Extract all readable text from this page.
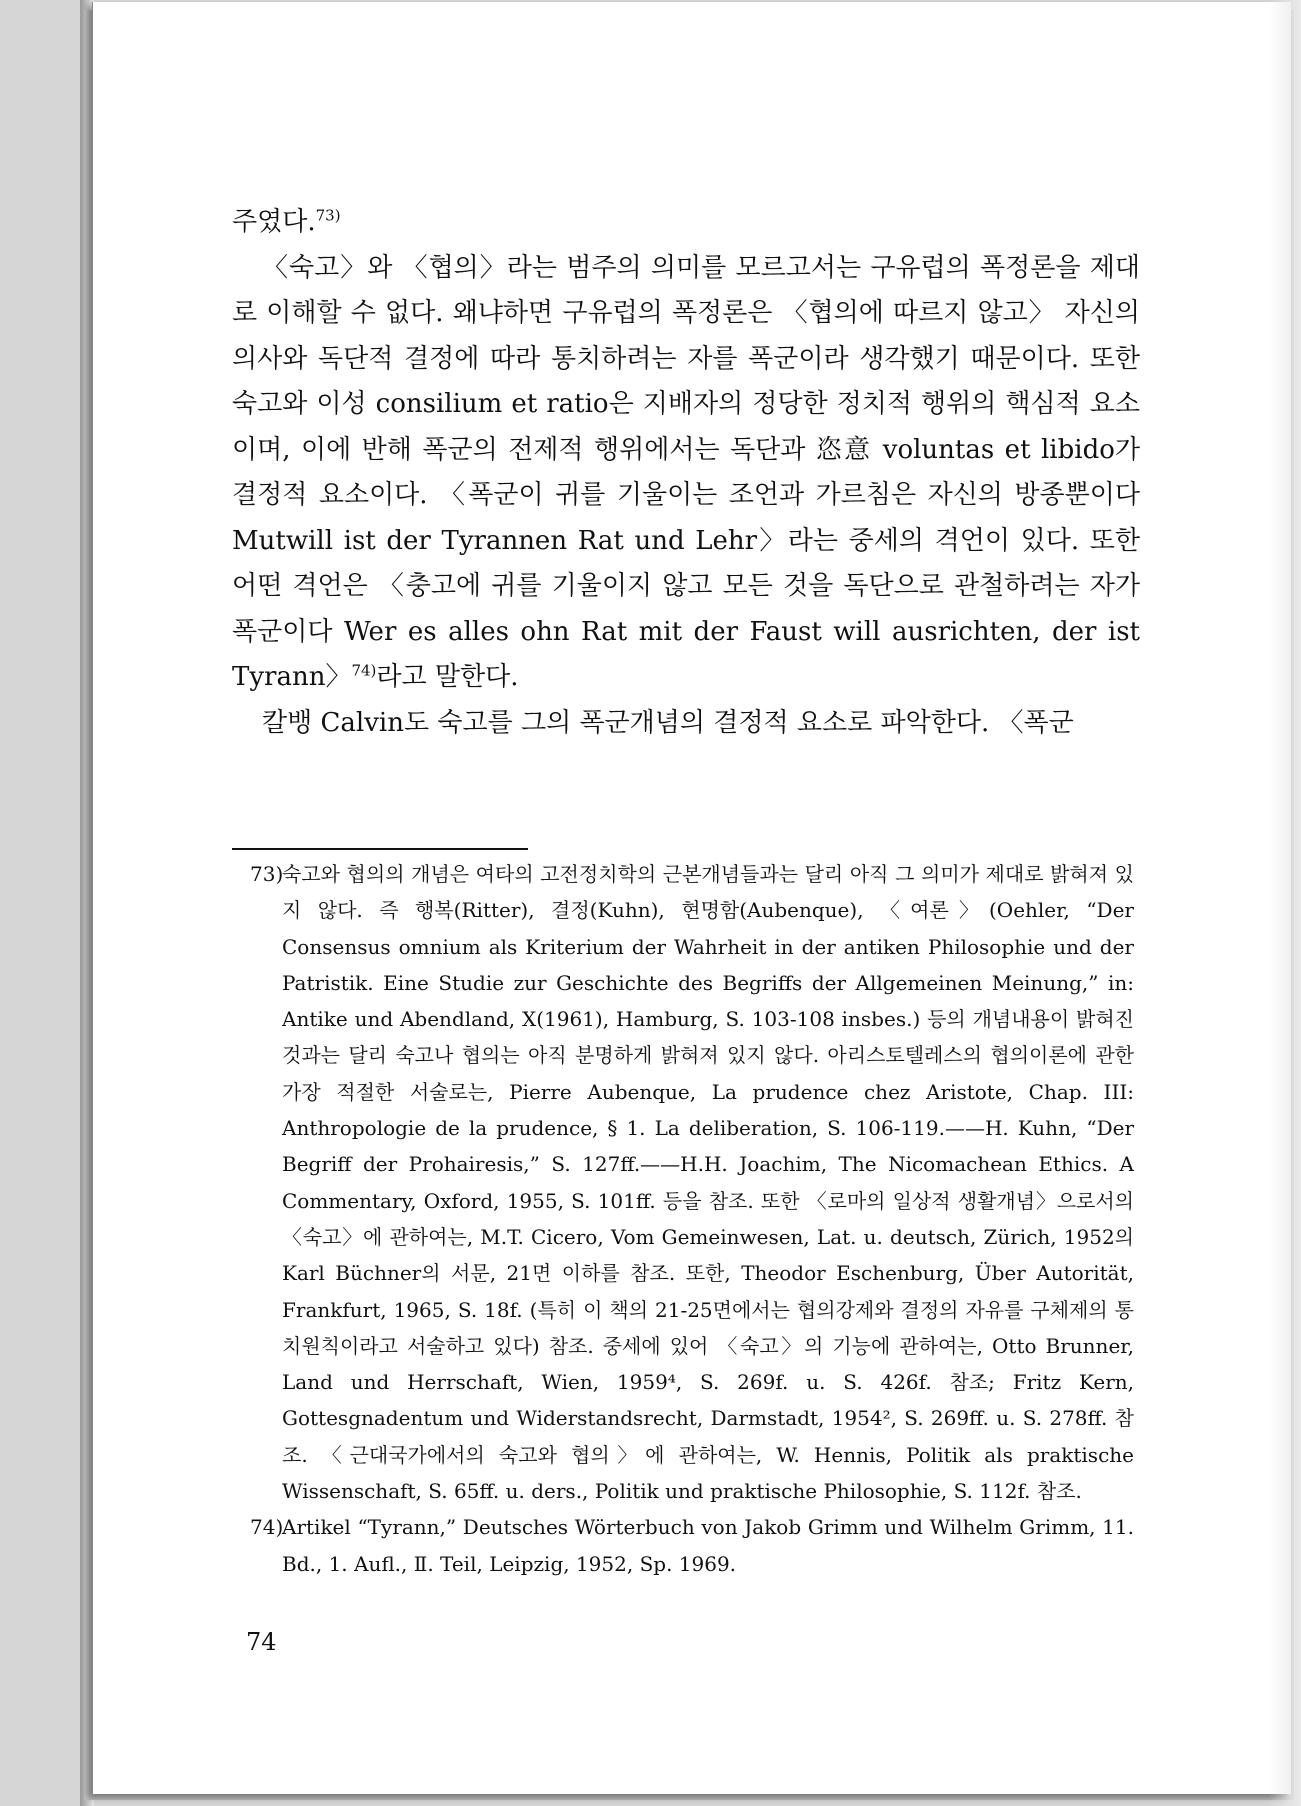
주였다.$^{73)}$

〈숙고〉와 〈협의〉라는 범주의 의미를 모르고서는 구유럽의 폭정론을 제대로 이해할 수 없다. 왜냐하면 구유럽의 폭정론은 〈협의에 따르지 않고〉 자신의 의사와 독단적 결정에 따라 통치하려는 자를 폭군이라 생각했기 때문이다. 또한 숙고와 이성 consilium et ratio은 지배자의 정당한 정치적 행위의 핵심적 요소이며, 이에 반해 폭군의 전제적 행위에서는 독단과 恣意 voluntas et libido가 결정적 요소이다. 〈폭군이 귀를 기울이는 조언과 가르침은 자신의 방종뿐이다 Mutwill ist der Tyrannen Rat und Lehr〉라는 중세의 격언이 있다. 또한 어떤 격언은 〈충고에 귀를 기울이지 않고 모든 것을 독단으로 관철하려는 자가 폭군이다 Wer es alles ohn Rat mit der Faust will ausrichten, der ist Tyrann〉$^{74)}$라고 말한다.

칼뱅 Calvin도 숙고를 그의 폭군개념의 결정적 요소로 파악한다. 〈폭군

73)숙고와 협의의 개념은 여타의 고전정치학의 근본개념들과는 달리 아직 그 의미가 제대로 밝혀져 있지 않다. 즉 행복(Ritter), 결정(Kuhn), 현명함(Aubenque), 〈여론〉(Oehler, “Der Consensus omnium als Kriterium der Wahrheit in der antiken Philosophie und der Patristik. Eine Studie zur Geschichte des Begriffs der Allgemeinen Meinung,” in: Antike und Abendland, X(1961), Hamburg, S. 103-108 insbes.) 등의 개념내용이 밝혀진 것과는 달리 숙고나 협의는 아직 분명하게 밝혀져 있지 않다. 아리스토텔레스의 협의이론에 관한 가장 적절한 서술로는, Pierre Aubenque, La prudence chez Aristote, Chap. III: Anthropologie de la prudence, § 1. La deliberation, S. 106-119.——H. Kuhn, “Der Begriff der Prohairesis,” S. 127ff.——H.H. Joachim, The Nicomachean Ethics. A Commentary, Oxford, 1955, S. 101ff. 등을 참조. 또한 〈로마의 일상적 생활개념〉으로서의 〈숙고〉에 관하여는, M.T. Cicero, Vom Gemeinwesen, Lat. u. deutsch, Zürich, 1952의 Karl Büchner의 서문, 21면 이하를 참조. 또한, Theodor Eschenburg, Über Autorität, Frankfurt, 1965, S. 18f. (특히 이 책의 21-25면에서는 협의강제와 결정의 자유를 구체제의 통치원칙이라고 서술하고 있다) 참조. 중세에 있어 〈숙고〉의 기능에 관하여는, Otto Brunner, Land und Herrschaft, Wien, 1959⁴, S. 269f. u. S. 426f. 참조; Fritz Kern, Gottesgnadentum und Widerstandsrecht, Darmstadt, 1954², S. 269ff. u. S. 278ff. 참조. 〈근대국가에서의 숙고와 협의〉에 관하여는, W. Hennis, Politik als praktische Wissenschaft, S. 65ff. u. ders., Politik und praktische Philosophie, S. 112f. 참조.

74)Artikel “Tyrann,” Deutsches Wörterbuch von Jakob Grimm und Wilhelm Grimm, 11. Bd., 1. Aufl., Ⅱ. Teil, Leipzig, 1952, Sp. 1969.

74
